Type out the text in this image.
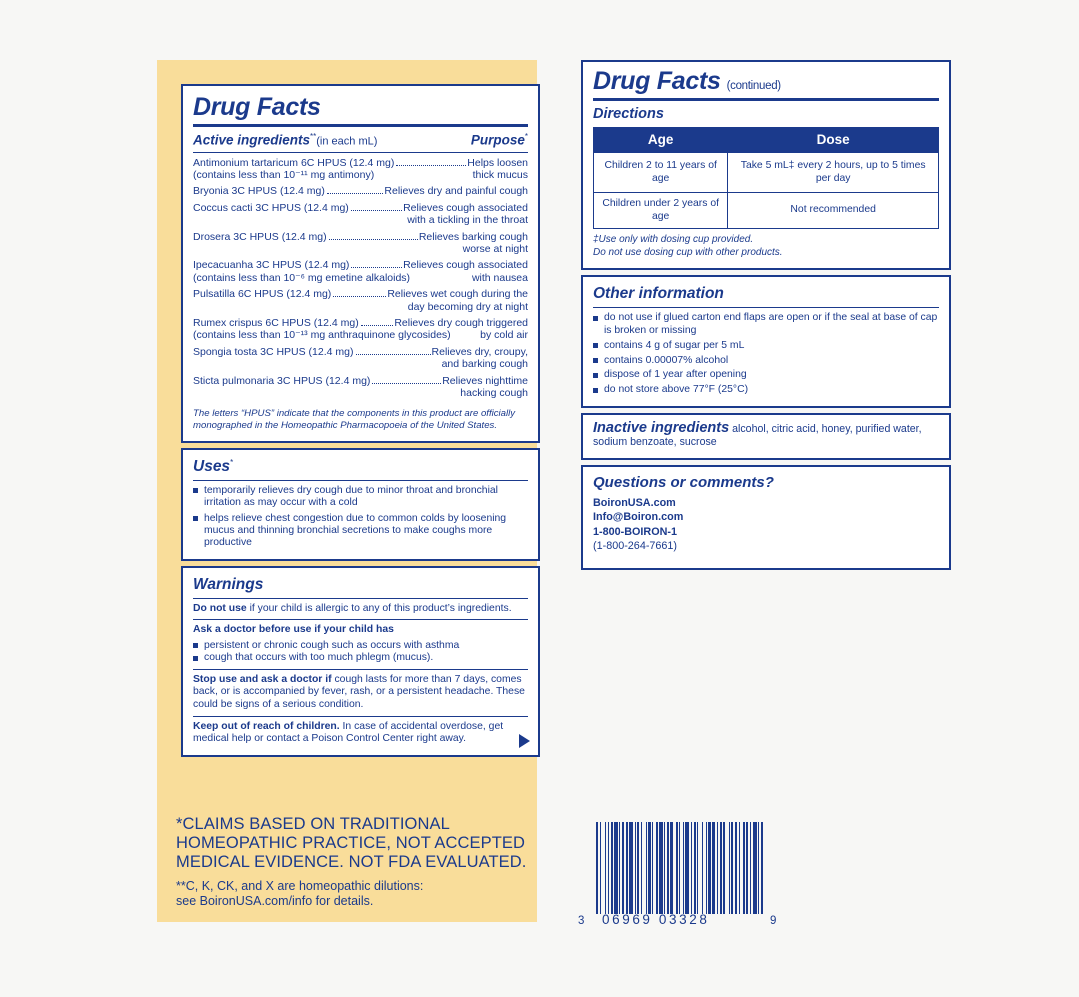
Drug Facts
Active ingredients**(in each mL)	Purpose*
Antimonium tartaricum 6C HPUS (12.4 mg)	Helps loosen
(contains less than 10⁻¹¹ mg antimony)	thick mucus
Bryonia 3C HPUS (12.4 mg)	Relieves dry and painful cough
Coccus cacti 3C HPUS (12.4 mg)	Relieves cough associated
with a tickling in the throat
Drosera 3C HPUS (12.4 mg)	Relieves barking cough
worse at night
Ipecacuanha 3C HPUS (12.4 mg)	Relieves cough associated
(contains less than 10⁻⁶ mg emetine alkaloids)	with nausea
Pulsatilla 6C HPUS (12.4 mg)	Relieves wet cough during the
day becoming dry at night
Rumex crispus 6C HPUS (12.4 mg)	Relieves dry cough triggered
(contains less than 10⁻¹³ mg anthraquinone glycosides)	by cold air
Spongia tosta 3C HPUS (12.4 mg)	Relieves dry, croupy,
and barking cough
Sticta pulmonaria 3C HPUS (12.4 mg)	Relieves nighttime
hacking cough
The letters “HPUS” indicate that the components in this product are officially monographed in the Homeopathic Pharmacopoeia of the United States.
Uses*

temporarily relieves dry cough due to minor throat and bronchial irritation as may occur with a cold

helps relieve chest congestion due to common colds by loosening mucus and thinning bronchial secretions to make coughs more productive

Warnings

Do not use if your child is allergic to any of this product’s ingredients.

Ask a doctor before use if your child has

persistent or chronic cough such as occurs with asthma

cough that occurs with too much phlegm (mucus).

Stop use and ask a doctor if cough lasts for more than 7 days, comes back, or is accompanied by fever, rash, or a persistent headache. These could be signs of a serious condition.

Keep out of reach of children. In case of accidental overdose, get medical help or contact a Poison Control Center right away.

*CLAIMS BASED ON TRADITIONAL HOMEOPATHIC PRACTICE, NOT ACCEPTED MEDICAL EVIDENCE. NOT FDA EVALUATED.
**C, K, CK, and X are homeopathic dilutions:
see BoironUSA.com/info for details.
Drug Facts (continued)
Directions
Age	Dose
Children 2 to 11 years of age	Take 5 mL‡ every 2 hours, up to 5 times per day
Children under 2 years of age	Not recommended
‡Use only with dosing cup provided.
Do not use dosing cup with other products.
Other information

do not use if glued carton end flaps are open or if the seal at base of cap is broken or missing

contains 4 g of sugar per 5 mL

contains 0.00007% alcohol

dispose of 1 year after opening

do not store above 77°F (25°C)

Inactive ingredients alcohol, citric acid, honey, purified water, sodium benzoate, sucrose
Questions or comments?
BoironUSA.com
Info@Boiron.com
1-800-BOIRON-1
(1-800-264-7661)
3 06969 03328	9
